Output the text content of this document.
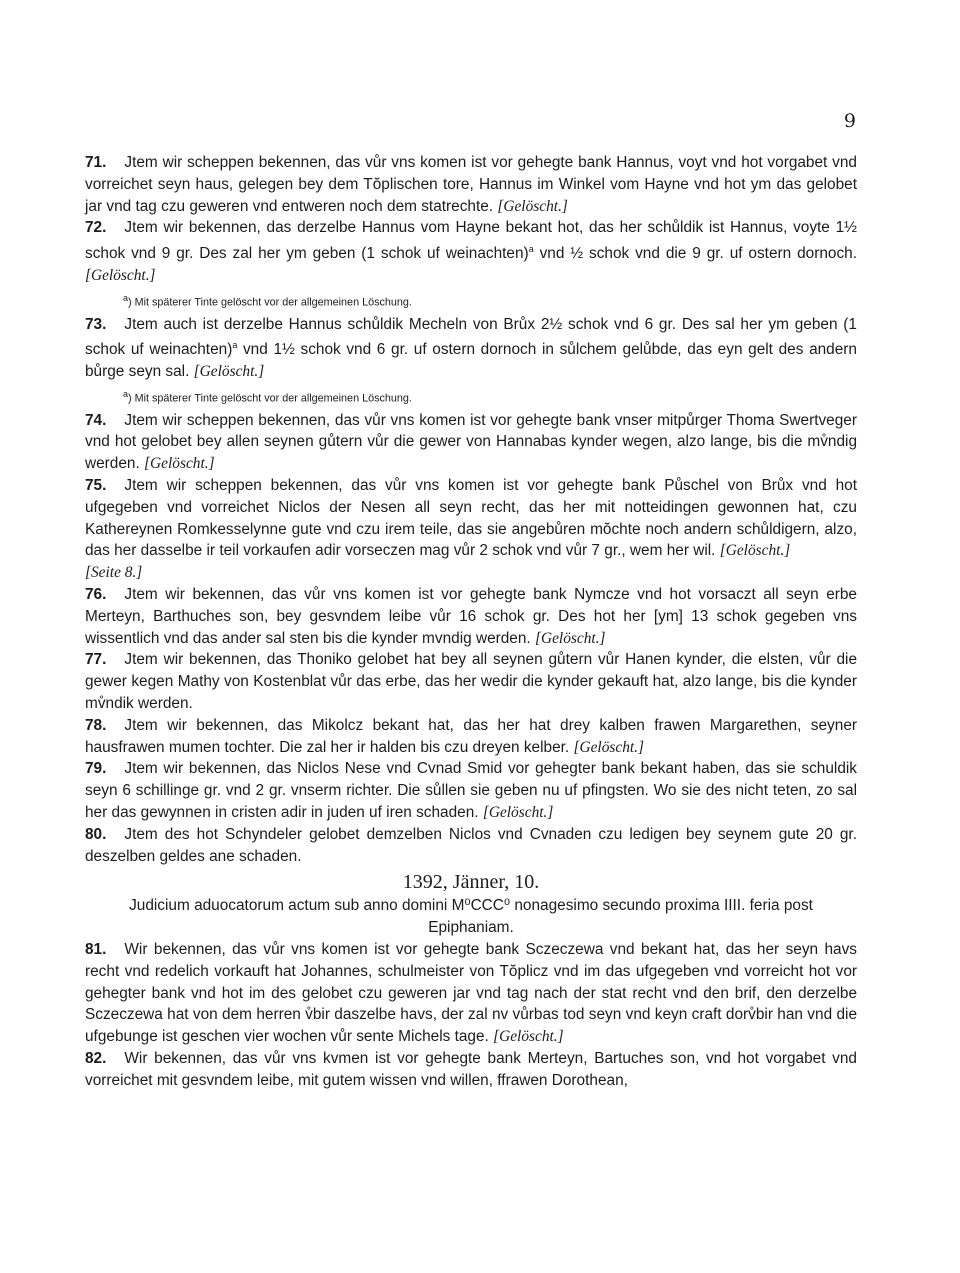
9
71. Jtem wir scheppen bekennen, das vůr vns komen ist vor gehegte bank Hannus, voyt vnd hot vorgabet vnd vorreichet seyn haus, gelegen bey dem Tŏplischen tore, Hannus im Winkel vom Hayne vnd hot ym das gelobet jar vnd tag czu geweren vnd entweren noch dem statrechte. [Gelöscht.]
72. Jtem wir bekennen, das derzelbe Hannus vom Hayne bekant hot, das her schůldik ist Hannus, voyte 1½ schok vnd 9 gr. Des zal her ym geben (1 schok uf weinachten)$^a$ vnd ½ schok vnd die 9 gr. uf ostern dornoch. [Gelöscht.]
$^a$) Mit späterer Tinte gelöscht vor der allgemeinen Löschung.
73. Jtem auch ist derzelbe Hannus schůldik Mecheln von Brůx 2½ schok vnd 6 gr. Des sal her ym geben (1 schok uf weinachten)$^a$ vnd 1½ schok vnd 6 gr. uf ostern dornoch in sůlchem gelůbde, das eyn gelt des andern bůrge seyn sal. [Gelöscht.]
$^a$) Mit späterer Tinte gelöscht vor der allgemeinen Löschung.
74. Jtem wir scheppen bekennen, das vůr vns komen ist vor gehegte bank vnser mitpůrger Thoma Swertveger vnd hot gelobet bey allen seynen gůtern vůr die gewer von Hannabas kynder wegen, alzo lange, bis die mv̊ndig werden. [Gelöscht.]
75. Jtem wir scheppen bekennen, das vůr vns komen ist vor gehegte bank Půschel von Brůx vnd hot ufgegeben vnd vorreichet Niclos der Nesen all seyn recht, das her mit notteidingen gewonnen hat, czu Kathereynen Romkesselynne gute vnd czu irem teile, das sie angebůren mŏchte noch andern schůldigern, alzo, das her dasselbe ir teil vorkaufen adir vorseczen mag vůr 2 schok vnd vůr 7 gr., wem her wil. [Gelöscht.]
[Seite 8.]
76. Jtem wir bekennen, das vůr vns komen ist vor gehegte bank Nymcze vnd hot vorsaczt all seyn erbe Merteyn, Barthuches son, bey gesvndem leibe vůr 16 schok gr. Des hot her [ym] 13 schok gegeben vns wissentlich vnd das ander sal sten bis die kynder mvndig werden. [Gelöscht.]
77. Jtem wir bekennen, das Thoniko gelobet hat bey all seynen gůtern vůr Hanen kynder, die elsten, vůr die gewer kegen Mathy von Kostenblat vůr das erbe, das her wedir die kynder gekauft hat, alzo lange, bis die kynder mv̊ndik werden.
78. Jtem wir bekennen, das Mikolcz bekant hat, das her hat drey kalben frawen Margarethen, seyner hausfrawen mumen tochter. Die zal her ir halden bis czu dreyen kelber. [Gelöscht.]
79. Jtem wir bekennen, das Niclos Nese vnd Cvnad Smid vor gehegter bank bekant haben, das sie schuldik seyn 6 schillinge gr. vnd 2 gr. vnserm richter. Die sůllen sie geben nu uf pfingsten. Wo sie des nicht teten, zo sal her das gewynnen in cristen adir in juden uf iren schaden. [Gelöscht.]
80. Jtem des hot Schyndeler gelobet demzelben Niclos vnd Cvnaden czu ledigen bey seynem gute 20 gr. deszelben geldes ane schaden.
1392, Jänner, 10.
Judicium aduocatorum actum sub anno domini M⁰CCC⁰ nonagesimo secundo proxima IIII. feria post Epiphaniam.
81. Wir bekennen, das vůr vns komen ist vor gehegte bank Sczeczewa vnd bekant hat, das her seyn havs recht vnd redelich vorkauft hat Johannes, schulmeister von Tŏplicz vnd im das ufgegeben vnd vorreicht hot vor gehegter bank vnd hot im des gelobet czu geweren jar vnd tag nach der stat recht vnd den brif, den derzelbe Sczeczewa hat von dem herren v̊bir daszelbe havs, der zal nv vůrbas tod seyn vnd keyn craft dorv̊bir han vnd die ufgebunge ist geschen vier wochen vůr sente Michels tage. [Gelöscht.]
82. Wir bekennen, das vůr vns kvmen ist vor gehegte bank Merteyn, Bartuches son, vnd hot vorgabet vnd vorreichet mit gesvndem leibe, mit gutem wissen vnd willen, ffrawen Dorothean,
